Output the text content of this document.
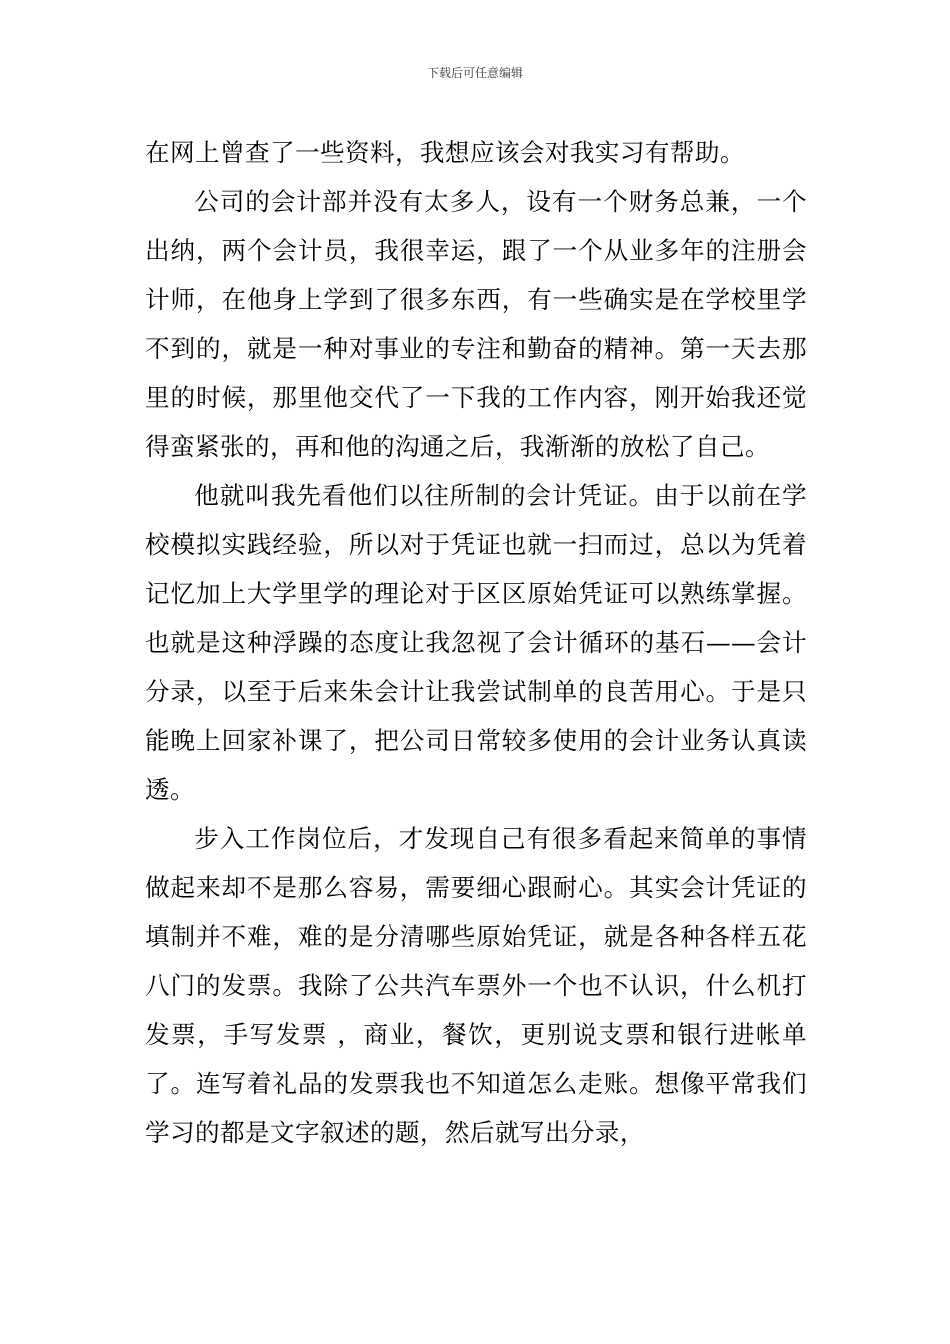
下载后可任意编辑

在网上曾查了一些资料，我想应该会对我实习有帮助。

公司的会计部并没有太多人，设有一个财务总兼，一个出纳，两个会计员，我很幸运，跟了一个从业多年的注册会计师，在他身上学到了很多东西，有一些确实是在学校里学不到的，就是一种对事业的专注和勤奋的精神。第一天去那里的时候，那里他交代了一下我的工作内容，刚开始我还觉得蛮紧张的，再和他的沟通之后，我渐渐的放松了自己。

他就叫我先看他们以往所制的会计凭证。由于以前在学校模拟实践经验，所以对于凭证也就一扫而过，总以为凭着记忆加上大学里学的理论对于区区原始凭证可以熟练掌握。也就是这种浮躁的态度让我忽视了会计循环的基石——会计分录，以至于后来朱会计让我尝试制单的良苦用心。于是只能晚上回家补课了，把公司日常较多使用的会计业务认真读透。

步入工作岗位后，才发现自己有很多看起来简单的事情做起来却不是那么容易，需要细心跟耐心。其实会计凭证的填制并不难，难的是分清哪些原始凭证，就是各种各样五花八门的发票。我除了公共汽车票外一个也不认识，什么机打发票，手写发票 ，商业，餐饮，更别说支票和银行进帐单了。连写着礼品的发票我也不知道怎么走账。想像平常我们学习的都是文字叙述的题，然后就写出分录，
